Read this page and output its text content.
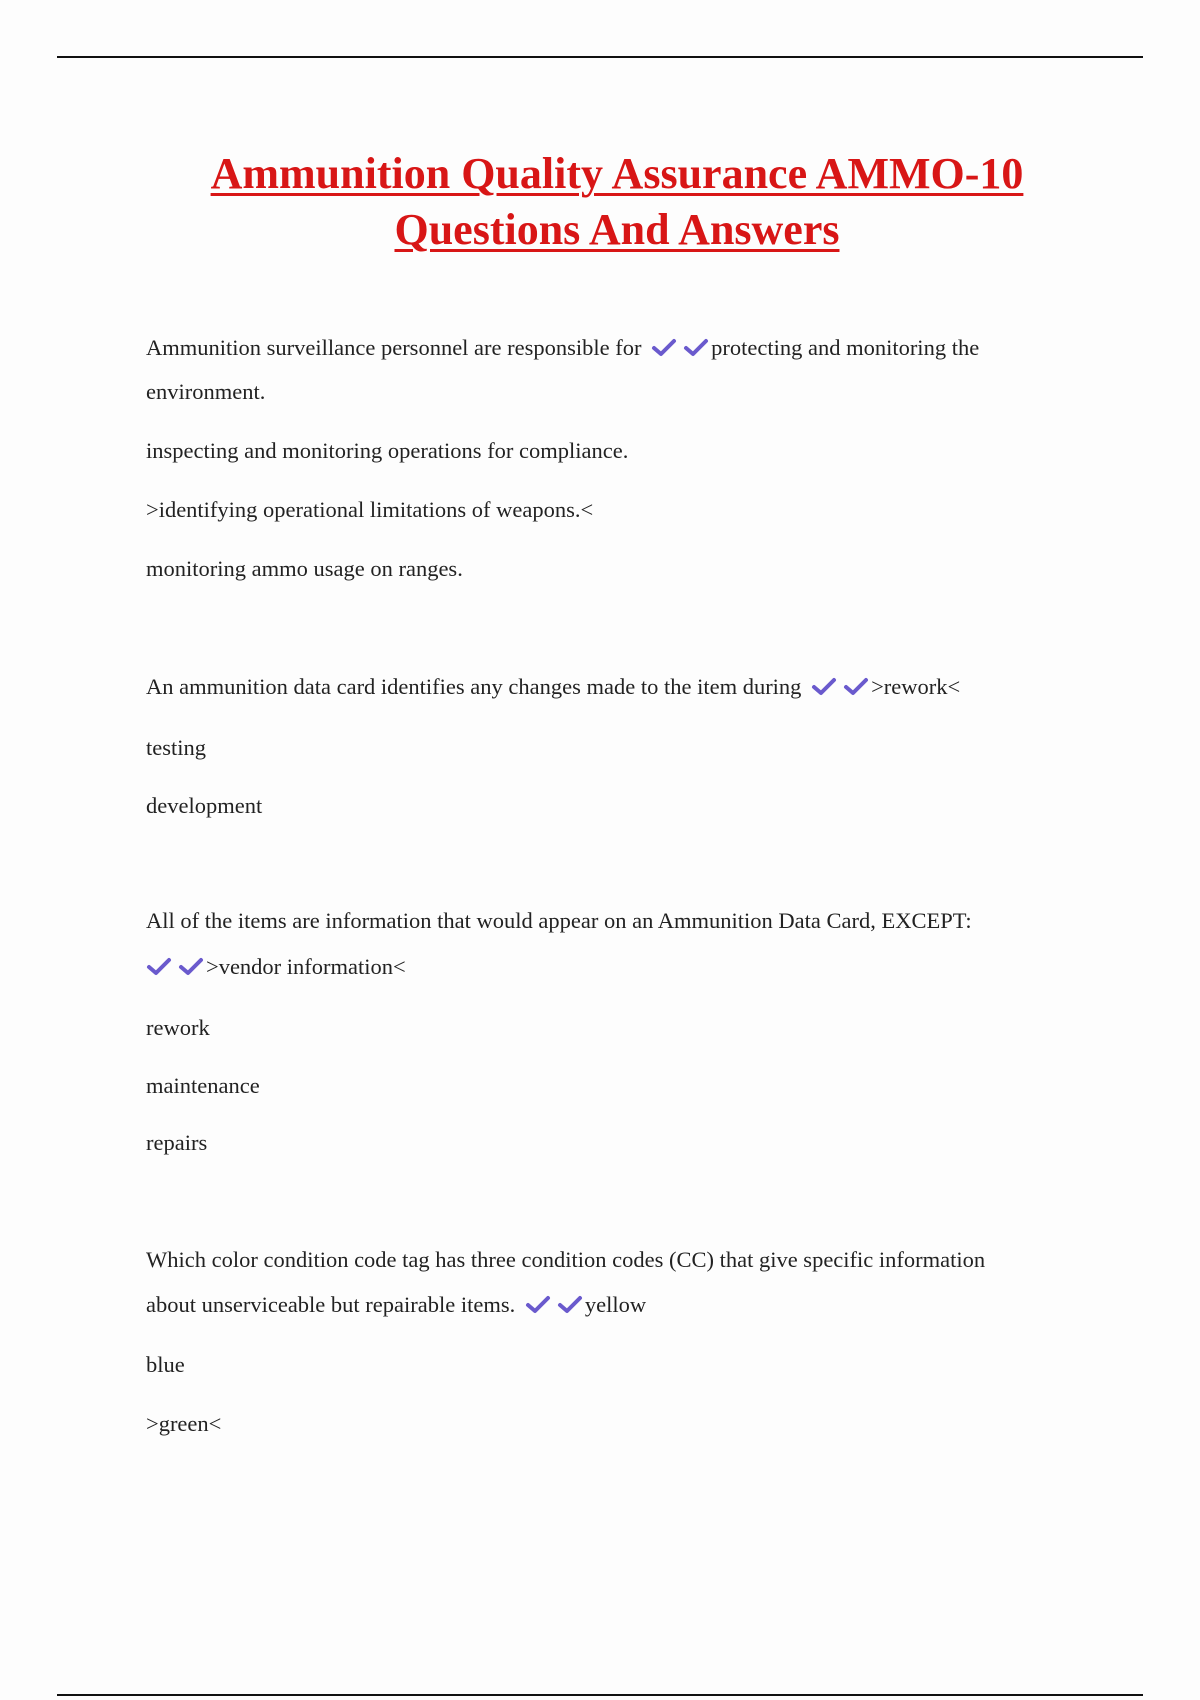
Ammunition Quality Assurance AMMO-10
Questions And Answers
Ammunition surveillance personnel are responsible for	protecting and monitoring the
environment.
inspecting and monitoring operations for compliance.
>identifying operational limitations of weapons.<
monitoring ammo usage on ranges.
An ammunition data card identifies any changes made to the item during	>rework<
testing
development
All of the items are information that would appear on an Ammunition Data Card, EXCEPT:
>vendor information<
rework
maintenance
repairs
Which color condition code tag has three condition codes (CC) that give specific information
about unserviceable but repairable items.	yellow
blue
>green<
